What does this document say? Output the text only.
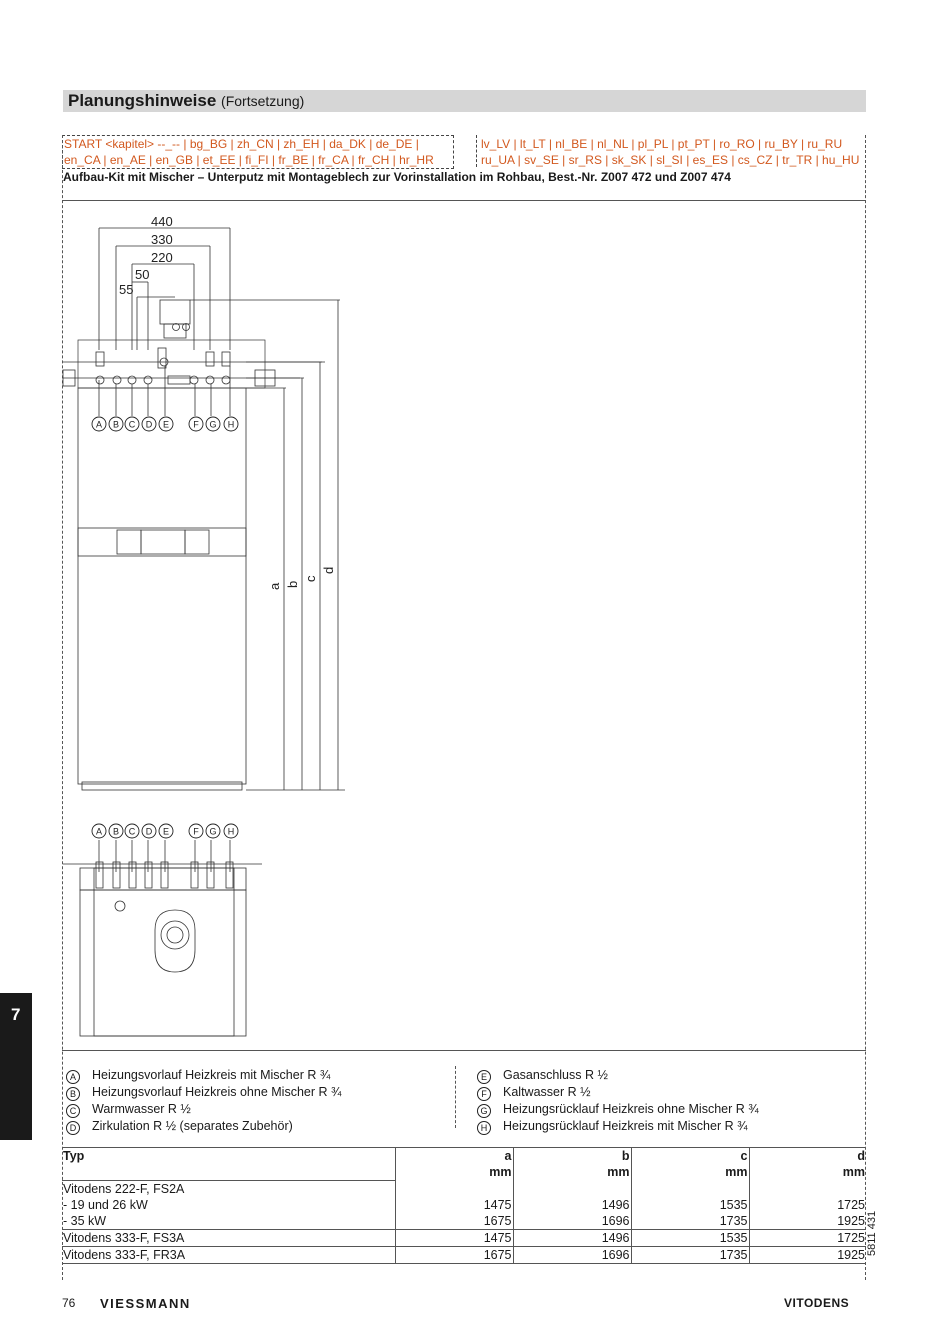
Planungshinweise (Fortsetzung)
START <kapitel> --_-- | bg_BG | zh_CN | zh_EH | da_DK | de_DE |
en_CA | en_AE | en_GB | et_EE | fi_FI | fr_BE | fr_CA | fr_CH | hr_HR
lv_LV | lt_LT | nl_BE | nl_NL | pl_PL | pt_PT | ro_RO | ru_BY | ru_RU
ru_UA | sv_SE | sr_RS | sk_SK | sl_SI | es_ES | cs_CZ | tr_TR | hu_HU
Aufbau-Kit mit Mischer – Unterputz mit Montageblech zur Vorinstallation im Rohbau, Best.-Nr. Z007 472 und Z007 474
440
330
220
50
55
a b
c
d
A B C D E	F G H
A B C D E	F G H
A Heizungsvorlauf Heizkreis mit Mischer R ¾
B Heizungsvorlauf Heizkreis ohne Mischer R ¾
C Warmwasser R ½
D Zirkulation R ½ (separates Zubehör)
E Gasanschluss R ½
F Kaltwasser R ½
G Heizungsrücklauf Heizkreis ohne Mischer R ¾
H Heizungsrücklauf Heizkreis mit Mischer R ¾
Typ	a	b	c	d
	mm	mm	mm	mm
Vitodens 222-F, FS2A				
- 19 und 26 kW	1475	1496	1535	1725
- 35 kW	1675	1696	1735	1925
Vitodens 333-F, FS3A	1475	1496	1535	1725
Vitodens 333-F, FR3A	1675	1696	1735	1925
7
5811 431
76 VIESSMANN	VITODENS
